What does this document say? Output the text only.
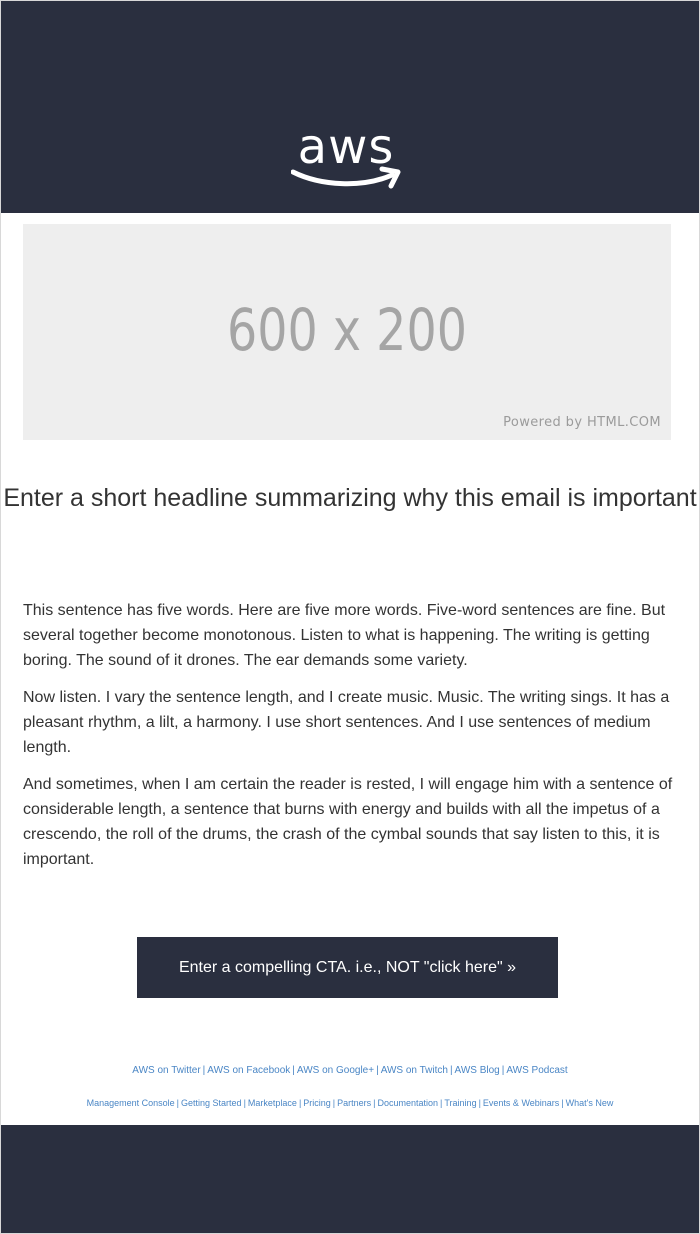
aws
600 x 200
Powered by HTML.COM
Enter a short headline summarizing why this email is important

This sentence has five words. Here are five more words. Five-word sentences are fine. But several together become monotonous. Listen to what is happening. The writing is getting boring. The sound of it drones. The ear demands some variety.

Now listen. I vary the sentence length, and I create music. Music. The writing sings. It has a pleasant rhythm, a lilt, a harmony. I use short sentences. And I use sentences of medium length.

And sometimes, when I am certain the reader is rested, I will engage him with a sentence of considerable length, a sentence that burns with energy and builds with all the impetus of a crescendo, the roll of the drums, the crash of the cymbal sounds that say listen to this, it is important.

Enter a compelling CTA. i.e., NOT "click here" »
AWS on Twitter | AWS on Facebook | AWS on Google+ | AWS on Twitch | AWS Blog | AWS Podcast
Management Console | Getting Started | Marketplace | Pricing | Partners | Documentation | Training | Events & Webinars | What's New
